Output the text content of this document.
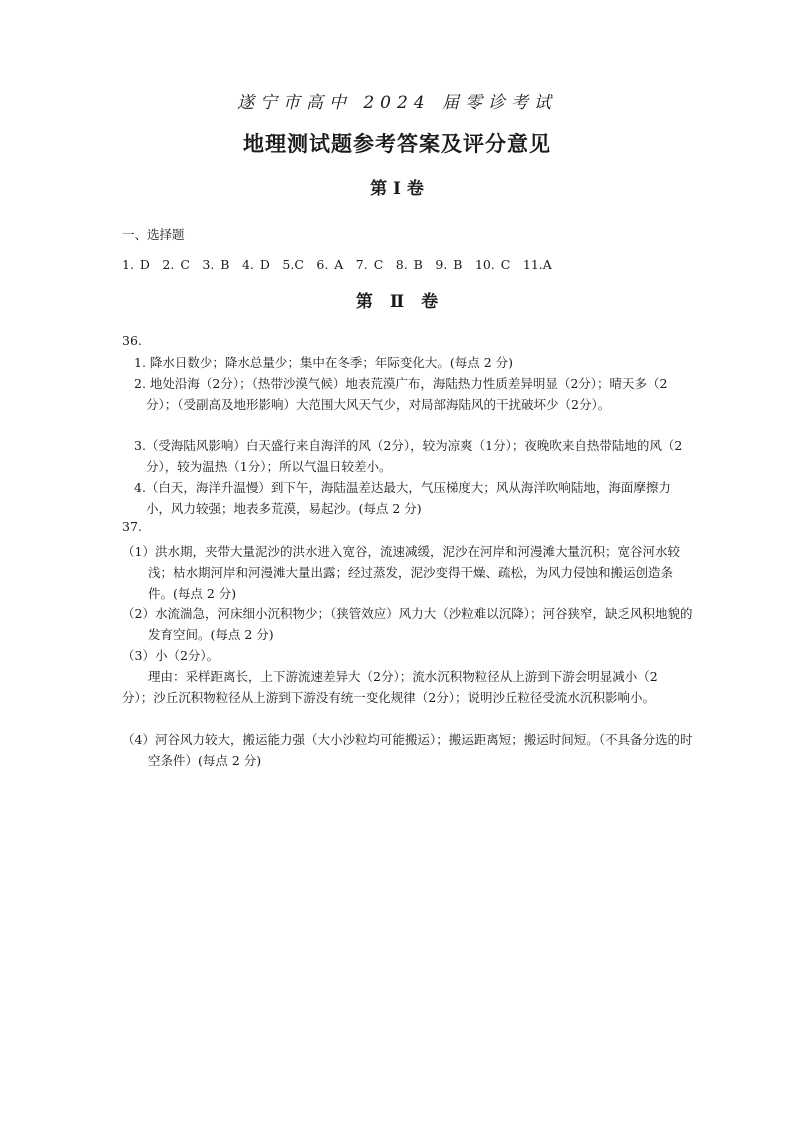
遂宁市高中 2024 届零诊考试
地理测试题参考答案及评分意见
第 Ⅰ 卷
一、选择题
1. D　2. C　3. B　4. D　5.C　6. A　7. C　8. B　9. B　10. C　11.A
第　Ⅱ　卷
36.
1. 降水日数少；降水总量少；集中在冬季；年际变化大。(每点 2 分)
2. 地处沿海（2分）；（热带沙漠气候）地表荒漠广布，海陆热力性质差异明显（2分）；晴天多（2分）；（受副高及地形影响）大范围大风天气少，对局部海陆风的干扰破坏少（2分）。
3.（受海陆风影响）白天盛行来自海洋的风（2分），较为凉爽（1分）；夜晚吹来自热带陆地的风（2分），较为温热（1分）；所以气温日较差小。
4.（白天，海洋升温慢）到下午，海陆温差达最大，气压梯度大；风从海洋吹响陆地，海面摩擦力小，风力较强；地表多荒漠，易起沙。(每点 2 分)
37.
（1）洪水期，夹带大量泥沙的洪水进入宽谷，流速减缓，泥沙在河岸和河漫滩大量沉积；宽谷河水较浅；枯水期河岸和河漫滩大量出露；经过蒸发，泥沙变得干燥、疏松，为风力侵蚀和搬运创造条件。(每点 2 分)
（2）水流湍急，河床细小沉积物少；（狭管效应）风力大（沙粒难以沉降）；河谷狭窄，缺乏风积地貌的发育空间。(每点 2 分)
（3）小（2分）。
理由：采样距离长，上下游流速差异大（2分）；流水沉积物粒径从上游到下游会明显减小（2分）；沙丘沉积物粒径从上游到下游没有统一变化规律（2分）；说明沙丘粒径受流水沉积影响小。
（4）河谷风力较大，搬运能力强（大小沙粒均可能搬运）；搬运距离短；搬运时间短。（不具备分选的时空条件）(每点 2 分)
